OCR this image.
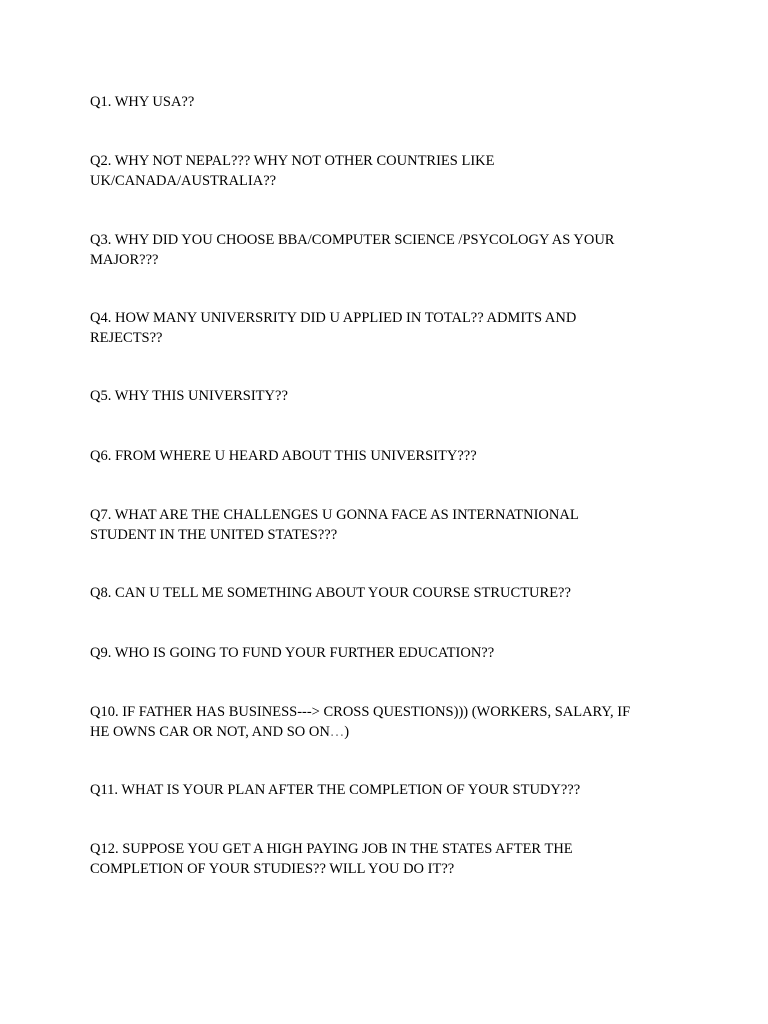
Q1. WHY USA??

Q2. WHY NOT NEPAL??? WHY NOT OTHER COUNTRIES LIKE
UK/CANADA/AUSTRALIA??

Q3. WHY DID YOU CHOOSE BBA/COMPUTER SCIENCE /PSYCOLOGY AS YOUR
MAJOR???

Q4. HOW MANY UNIVERSRITY DID U APPLIED IN TOTAL?? ADMITS AND
REJECTS??

Q5. WHY THIS UNIVERSITY??

Q6. FROM WHERE U HEARD ABOUT THIS UNIVERSITY???

Q7. WHAT ARE THE CHALLENGES U GONNA FACE AS INTERNATNIONAL
STUDENT IN THE UNITED STATES???

Q8. CAN U TELL ME SOMETHING ABOUT YOUR COURSE STRUCTURE??

Q9. WHO IS GOING TO FUND YOUR FURTHER EDUCATION??

Q10. IF FATHER HAS BUSINESS---> CROSS QUESTIONS))) (WORKERS, SALARY, IF
HE OWNS CAR OR NOT, AND SO ON…)

Q11. WHAT IS YOUR PLAN AFTER THE COMPLETION OF YOUR STUDY???

Q12. SUPPOSE YOU GET A HIGH PAYING JOB IN THE STATES AFTER THE
COMPLETION OF YOUR STUDIES?? WILL YOU DO IT??
